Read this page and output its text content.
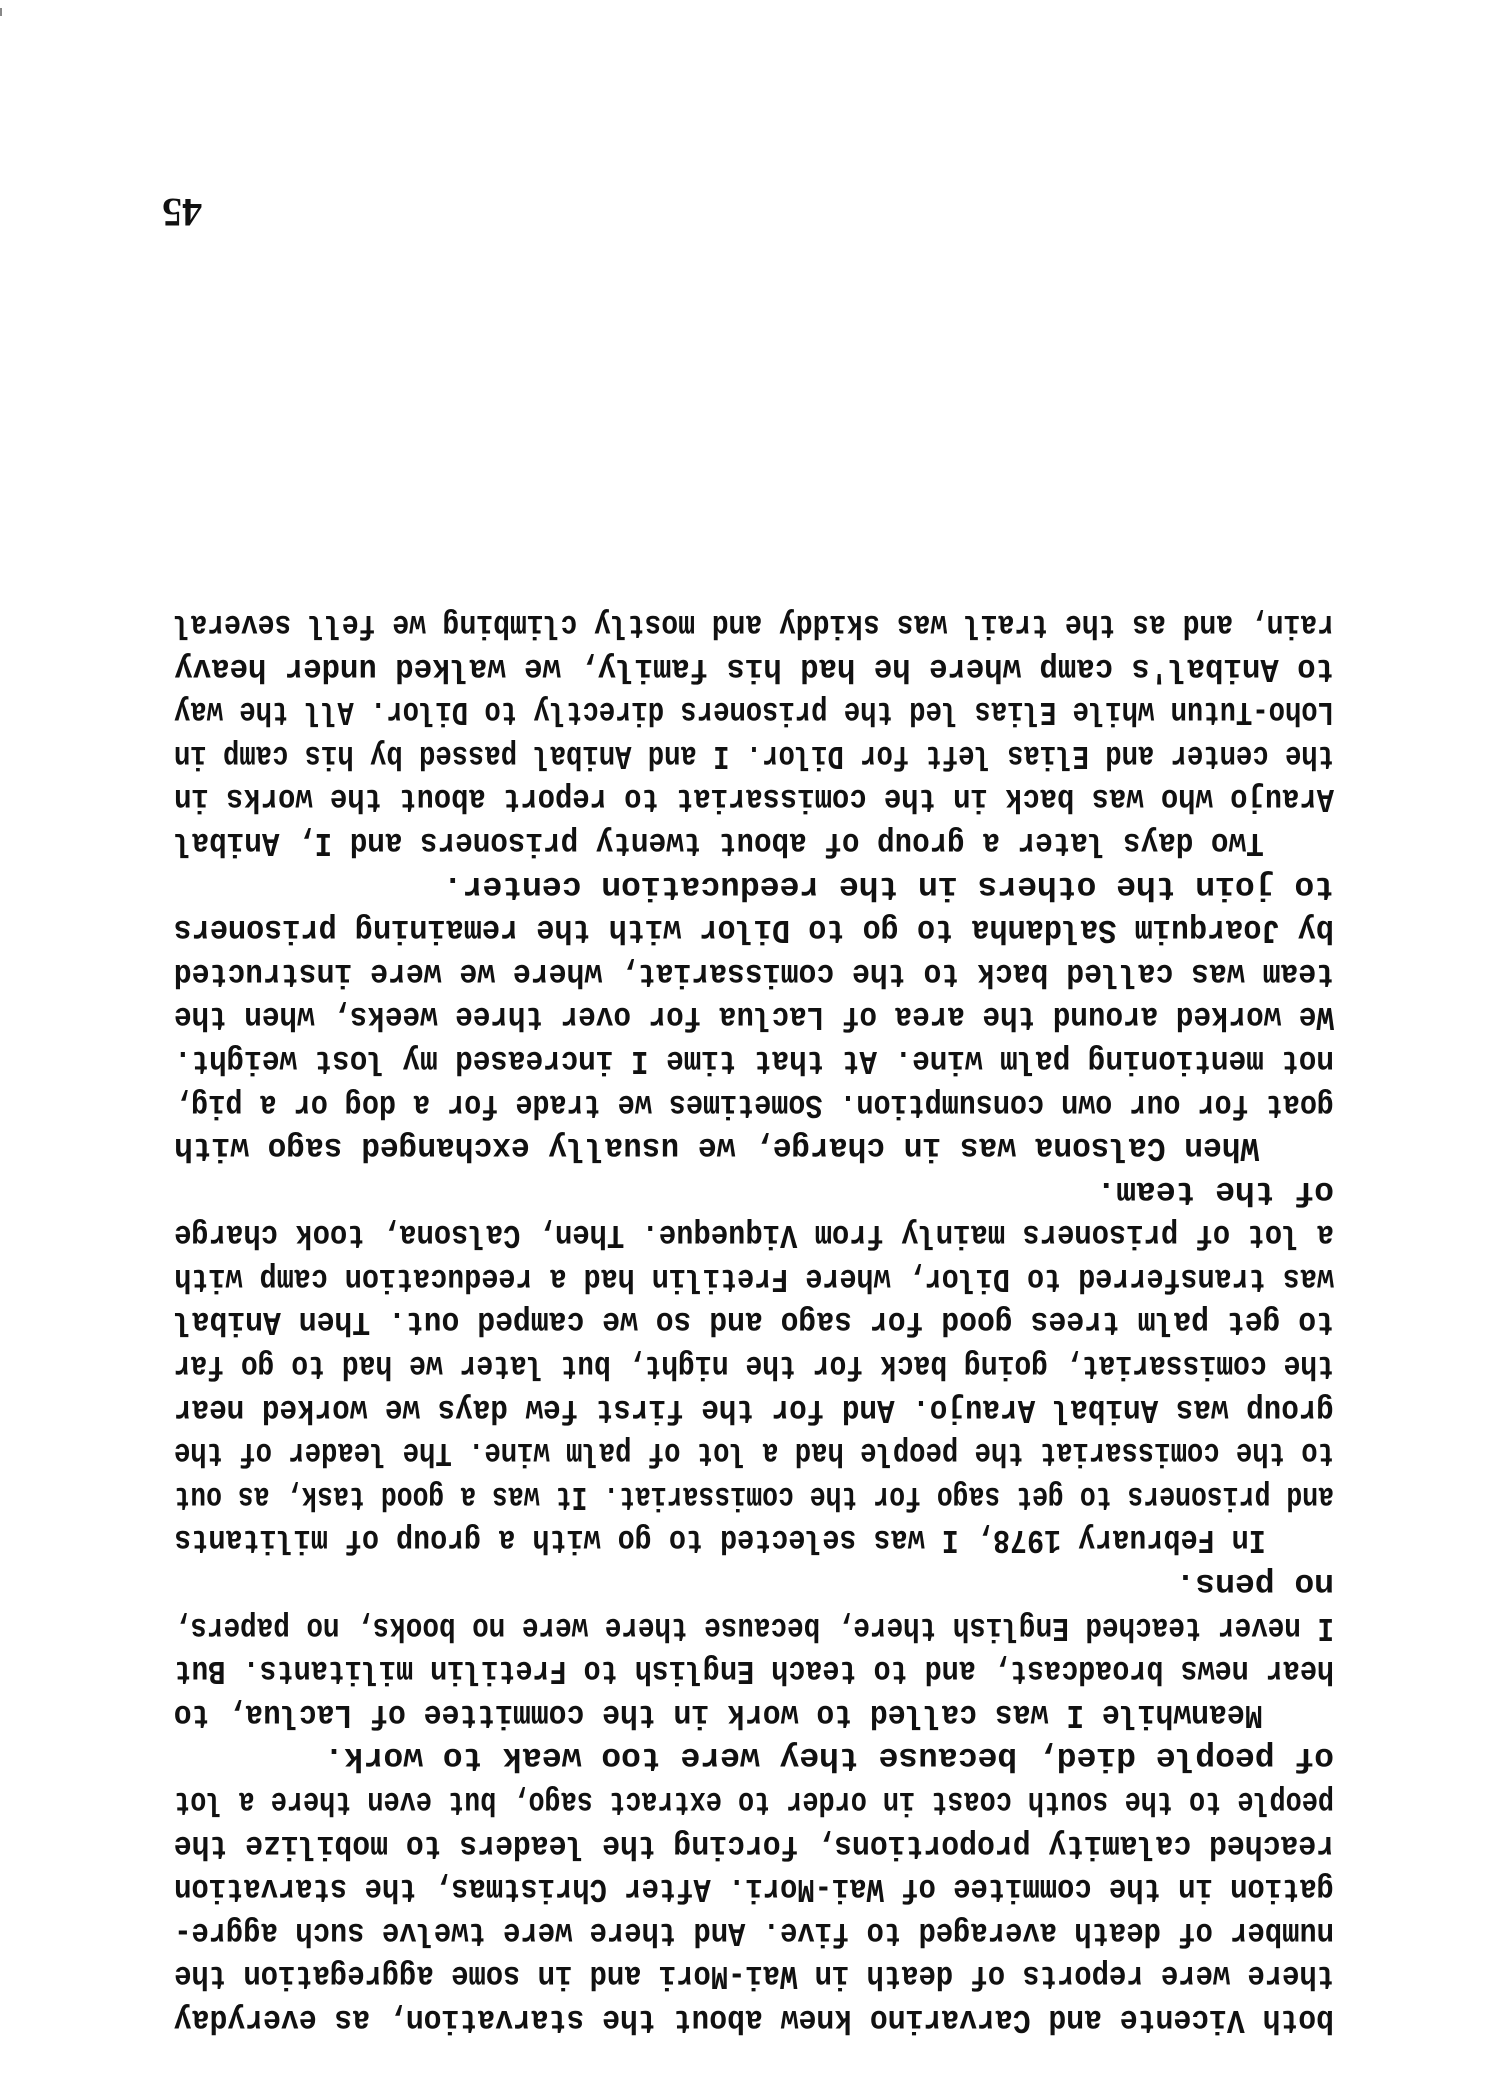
both Vicente and Carvarino knew about the starvation, as everyday
there were reports of death in Wai-Mori and in some aggregation the
number of death averaged to five. And there were twelve such aggre-
gation in the commitee of Wai-Mori. After Christmas, the starvation
reached calamity proportions, forcing the leaders to mobilize the
people to the south coast in order to extract sago, but even there a lot
of people died, because they were too weak to work.
Meanwhile I was called to work in the committee of Laclua, to
hear news broadcast, and to teach English to Fretilin militants. But
I never teached English there, because there were no books, no papers,
no pens.
In February 1978, I was selected to go with a group of militants
and prisoners to get sago for the comissariat. It was a good task, as out
to the comissariat the people had a lot of palm wine. The leader of the
group was Anibal Araujo. And for the first few days we worked near
the comissariat, going back for the night, but later we had to go far
to get palm trees good for sago and so we camped out. Then Anibal
was transferred to Dilor, where Fretilin had a reeducation camp with
a lot of prisoners mainly from Viqueque. Then, Calsona, took charge
of the team.
When Calsona was in charge, we usually exchanged sago with
goat for our own consumption. Sometimes we trade for a dog or a pig,
not mentioning palm wine. At that time I increased my lost weight.
We worked around the area of Laclua for over three weeks, when the
team was called back to the comissariat, where we were instructed
by Joarquim Saldanha to go to Dilor with the remaining prisoners
to join the others in the reeducation center.
Two days later a group of about twenty prisoners and I, Anibal
Araujo who was back in the comissariat to report about the works in
the center and Elias left for Dilor. I and Anibal passed by his camp in
Loho-Tutun while Elias led the prisoners directly to Dilor. All the way
to Anibal's camp where he had his family, we walked under heavy
rain, and as the trail was skiddy and mostly climbing we fell several
45
